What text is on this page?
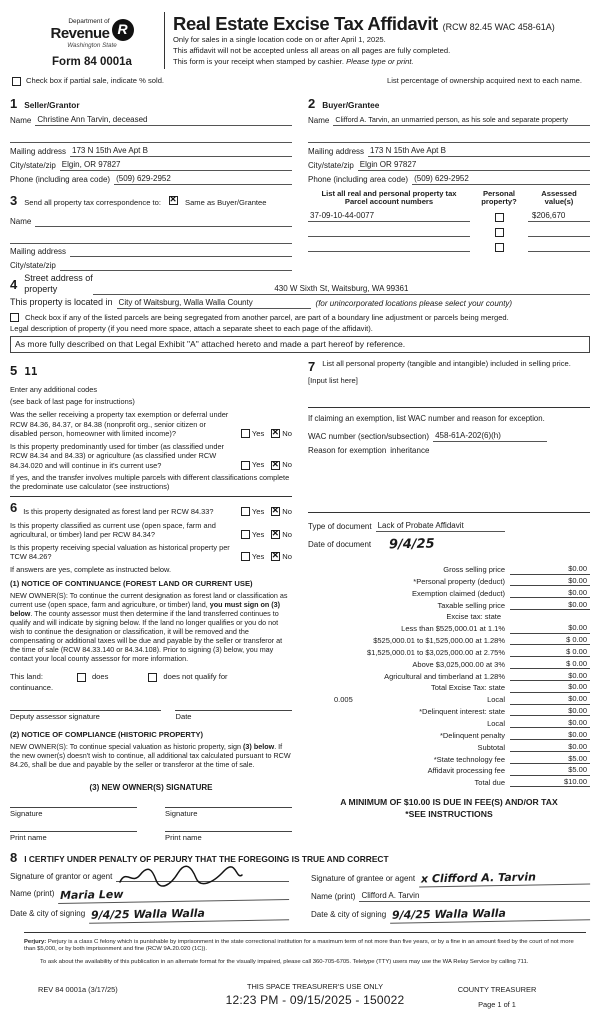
Department of
Revenue R
Washington State
Form 84 0001a
Real Estate Excise Tax Affidavit (RCW 82.45 WAC 458-61A)
Only for sales in a single location code on or after April 1, 2025.
This affidavit will not be accepted unless all areas on all pages are fully completed.
This form is your receipt when stamped by cashier. Please type or print.
Check box if partial sale, indicate % sold.	List percentage of ownership acquired next to each name.
1 Seller/Grantor
Name Christine Ann Tarvin, deceased
Mailing address 173 N 15th Ave Apt B
City/state/zip Elgin, OR 97827
Phone (including area code) (509) 629-2952
3 Send all property tax correspondence to: ✕	Same as Buyer/Grantee
Name
Mailing address
City/state/zip
2 Buyer/Grantee
Name Clifford A. Tarvin, an unmarried person, as his sole and separate property
Mailing address 173 N 15th Ave Apt B
City/state/zip Elgin OR 97827
Phone (including area code) (509) 629-2952
List all real and personal property tax
Parcel account numbers
Personal
property?
Assessed
value(s)
37-09-10-44-0077	$206,670
4 Street address of
property	430 W Sixth St, Waitsburg, WA 99361
This property is located in City of Waitsburg, Walla Walla County	(for unincorporated locations please select your county)
Check box if any of the listed parcels are being segregated from another parcel, are part of a boundary line adjustment or parcels being merged.
Legal description of property (if you need more space, attach a separate sheet to each page of the affidavit).
As more fully described on that Legal Exhibit "A" attached hereto and made a part hereof by reference.
5 11
Enter any additional codes
(see back of last page for instructions)
Was the seller receiving a property tax exemption or deferral under RCW 84.36, 84.37, or 84.38 (nonprofit org., senior citizen or disabled person, homeowner with limited income)?	Yes ✕ No
Is this property predominantly used for timber (as classified under RCW 84.34 and 84.33) or agriculture (as classified under RCW 84.34.020 and will continue in it's current use?	Yes ✕ No
If yes, and the transfer involves multiple parcels with different classifications complete the predominate use calculator (see instructions)
6 Is this property designated as forest land per RCW 84.33?	Yes ✕ No
Is this property classified as current use (open space, farm and agricultural, or timber) land per RCW 84.34?	Yes ✕ No
Is this property receiving special valuation as historical property per TCW 84.26?	Yes ✕ No
If answers are yes, complete as instructed below.
(1) NOTICE OF CONTINUANCE (FOREST LAND OR CURRENT USE)
NEW OWNER(S): To continue the current designation as forest land or classification as current use (open space, farm and agriculture, or timber) land, you must sign on (3) below. The county assessor must then determine if the land transferred continues to qualify and will indicate by signing below. If the land no longer qualifies or you do not wish to continue the designation or classification, it will be removed and the compensating or additional taxes will be due and payable by the seller or transferor at the time of sale (RCW 84.33.140 or 84.34.108). Prior to signing (3) below, you may contact your local county assessor for more information.
This land:	does	does not qualify for
continuance.
Deputy assessor signature	Date
(2) NOTICE OF COMPLIANCE (HISTORIC PROPERTY)
NEW OWNER(S): To continue special valuation as historic property, sign (3) below. If the new owner(s) doesn't wish to continue, all additional tax calculated pursuant to RCW 84.26, shall be due and payable by the seller or transferor at the time of sale.
(3) NEW OWNER(S) SIGNATURE
Signature	Signature
Print name	Print name
7 List all personal property (tangible and intangible) included in selling price.
[Input list here]
If claiming an exemption, list WAC number and reason for exception.
WAC number (section/subsection) 458-61A-202(6)(h)
Reason for exemption inheritance
Type of document Lack of Probate Affidavit
Date of document	9/4/25
Gross selling price	$0.00
*Personal property (deduct)	$0.00
Exemption claimed (deduct)	$0.00
Taxable selling price	$0.00
Excise tax: state
Less than $525,000.01 at 1.1%	$0.00
$525,000.01 to $1,525,000.00 at 1.28%	$ 0.00
$1,525,000.01 to $3,025,000.00 at 2.75%	$ 0.00
Above $3,025,000.00 at 3%	$ 0.00
Agricultural and timberland at 1.28%	$0.00
Total Excise Tax: state	$0.00
0.005	Local	$0.00
*Delinquent interest: state	$0.00
Local	$0.00
*Delinquent penalty	$0.00
Subtotal	$0.00
*State technology fee	$5.00
Affidavit processing fee	$5.00
Total due	$10.00
A MINIMUM OF $10.00 IS DUE IN FEE(S) AND/OR TAX
*SEE INSTRUCTIONS
8 I CERTIFY UNDER PENALTY OF PERJURY THAT THE FOREGOING IS TRUE AND CORRECT
Signature of grantor or agent
Name (print) Maria Lew
Date & city of signing 9/4/25 Walla Walla
Signature of grantee or agent x Clifford A. Tarvin
Name (print) Clifford A. Tarvin
Date & city of signing 9/4/25 Walla Walla
Perjury: Perjury is a class C felony which is punishable by imprisonment in the state correctional institution for a maximum term of not more than five years, or by a fine in an amount fixed by the court of not more than $5,000, or by both imprisonment and fine (RCW 9A.20.020 (1C)).
To ask about the availability of this publication in an alternate format for the visually impaired, please call 360-705-6705. Teletype (TTY) users may use the WA Relay Service by calling 711.
REV 84 0001a (3/17/25)	THIS SPACE TREASURER'S USE ONLY
12:23 PM - 09/15/2025 - 150022
COUNTY TREASURER
Page 1 of 1
